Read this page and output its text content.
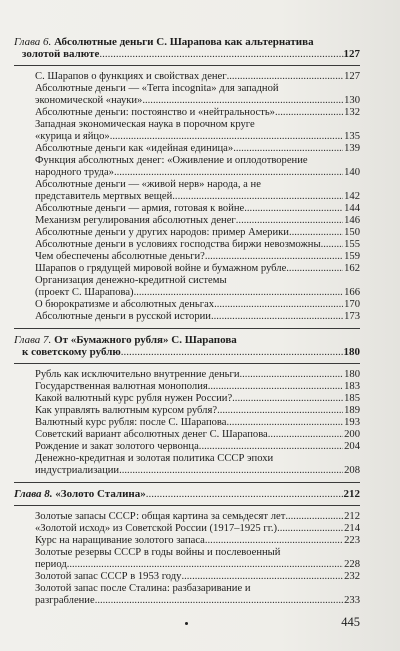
Глава 6. Абсолютные деньги С. Шарапова как альтернатива
золотой валюте .....	127
С. Шарапов о функциях и свойствах денег .....	127
Абсолютные деньги — «Terra incognita» для западной
экономической «науки» .....	130
Абсолютные деньги: постоянство и «нейтральность» .....	132
Западная экономическая наука в порочном круге
«курица и яйцо» .....	135
Абсолютные деньги как «идейная единица» .....	139
Функция абсолютных денег: «Оживление и оплодотворение
народного труда» .....	140
Абсолютные деньги — «живой нерв» народа, а не
представитель мертвых вещей .....	142
Абсолютные деньги — армия, готовая к войне .....	144
Механизм регулирования абсолютных денег .....	146
Абсолютные деньги у других народов: пример Америки .....	150
Абсолютные деньги в условиях господства биржи невозможны ..... 155
Чем обеспечены абсолютные деньги? .....	159
Шарапов о грядущей мировой войне и бумажном рубле .....	162
Организация денежно-кредитной системы
(проект С. Шарапова) .....	166
О бюрократизме и абсолютных деньгах .....	170
Абсолютные деньги в русской истории .....	173
Глава 7. От «Бумажного рубля» С. Шарапова
к советскому рублю .....	180
Рубль как исключительно внутренние деньги .....	180
Государственная валютная монополия .....	183
Какой валютный курс рубля нужен России? .....	185
Как управлять валютным курсом рубля? .....	189
Валютный курс рубля: после С. Шарапова .....	193
Советский вариант абсолютных денег С. Шарапова .....	200
Рождение и закат золотого червонца .....	204
Денежно-кредитная и золотая политика СССР эпохи
индустриализации .....	208
Глава 8. «Золото Сталина» .....	212
Золотые запасы СССР: общая картина за семьдесят лет .....	212
«Золотой исход» из Советской России (1917–1925 гг.) .....	214
Курс на наращивание золотого запаса .....	223
Золотые резервы СССР в годы войны и послевоенный
период .....	228
Золотой запас СССР в 1953 году .....	232
Золотой запас после Сталина: разбазаривание и
разграбление .....	233
445
